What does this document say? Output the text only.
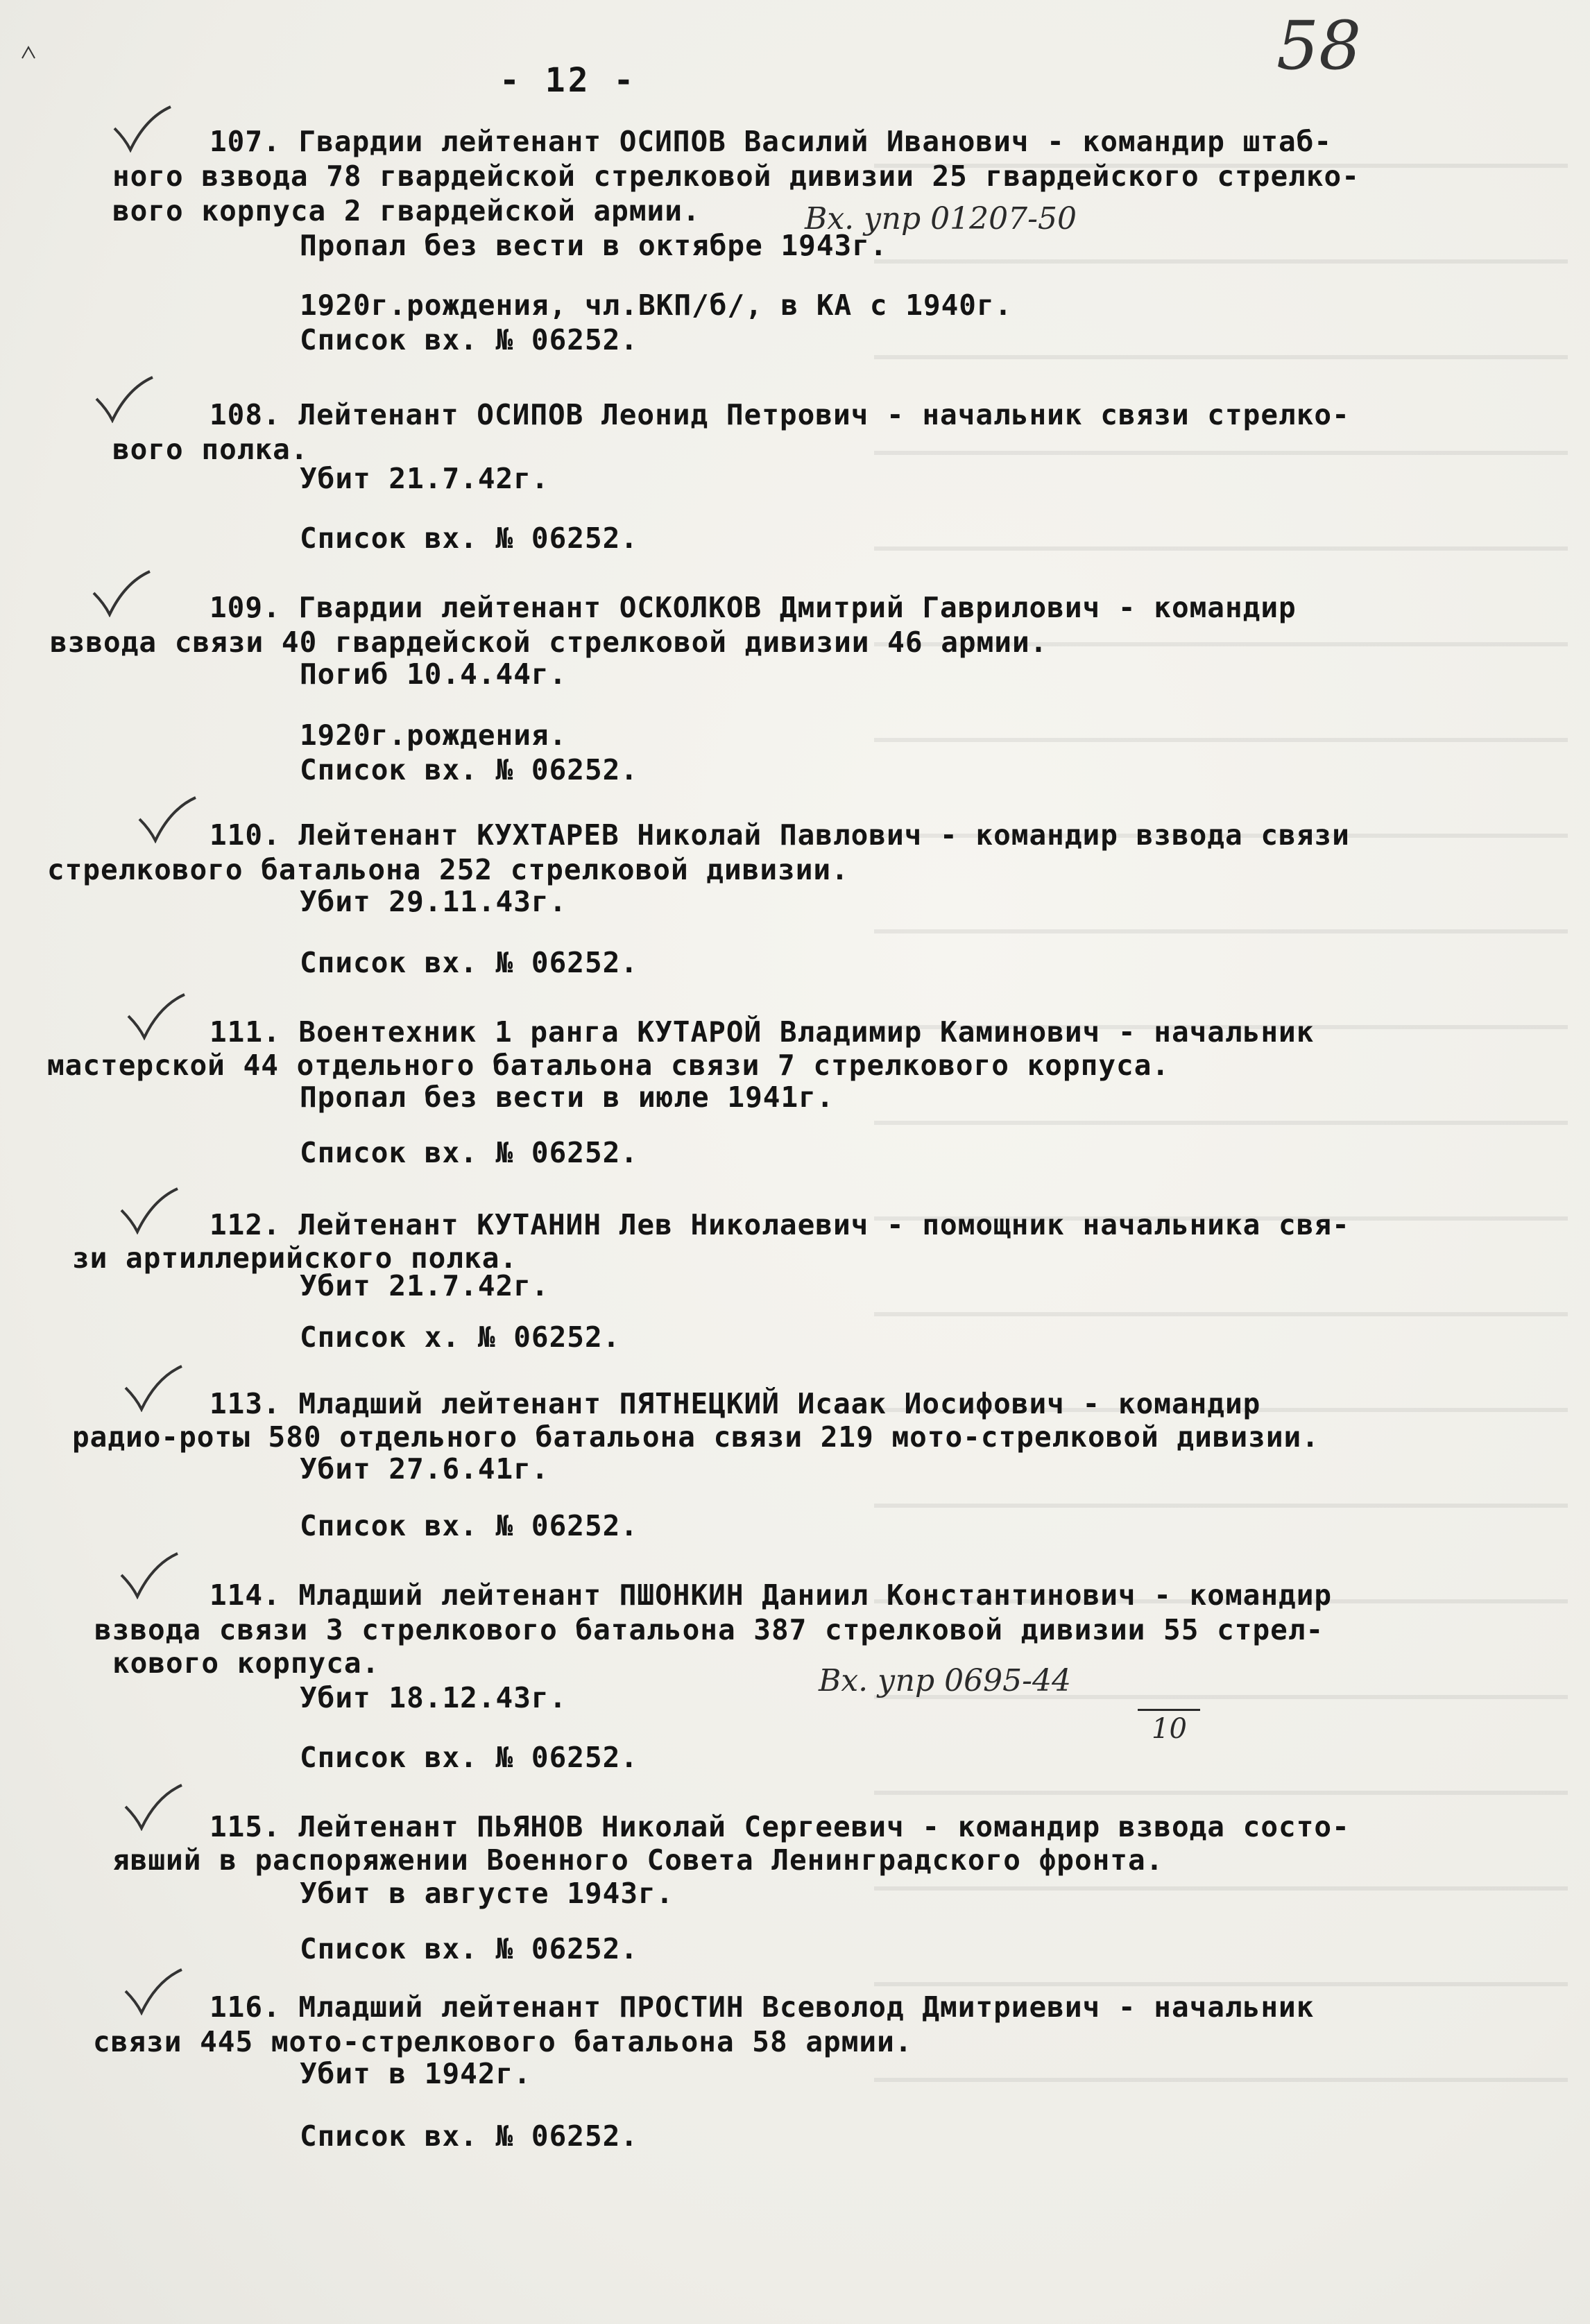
- 12 -	58
107. Гвардии лейтенант ОСИПОВ Василий Иванович - командир штаб-
ного взвода 78 гвардейской стрелковой дивизии 25 гвардейского стрелко-
вого корпуса 2 гвардейской армии.
Пропал без вести в октябре 1943г.
1920г.рождения, чл.ВКП/б/, в КА с 1940г.
Список вх. № 06252.
Вх. упр 01207-50
108. Лейтенант ОСИПОВ Леонид Петрович - начальник связи стрелко-
вого полка.
Убит 21.7.42г.
Список вх. № 06252.
109. Гвардии лейтенант ОСКОЛКОВ Дмитрий Гаврилович - командир
взвода связи 40 гвардейской стрелковой дивизии 46 армии.
Погиб 10.4.44г.
1920г.рождения.
Список вх. № 06252.
110. Лейтенант КУХТАРЕВ Николай Павлович - командир взвода связи
стрелкового батальона 252 стрелковой дивизии.
Убит 29.11.43г.
Список вх. № 06252.
111. Воентехник 1 ранга КУТАРОЙ Владимир Каминович - начальник
мастерской 44 отдельного батальона связи 7 стрелкового корпуса.
Пропал без вести в июле 1941г.
Список вх. № 06252.
112. Лейтенант КУТАНИН Лев Николаевич - помощник начальника свя-
зи артиллерийского полка.
Убит 21.7.42г.
Список х. № 06252.
113. Младший лейтенант ПЯТНЕЦКИЙ Исаак Иосифович - командир
радио-роты 580 отдельного батальона связи 219 мото-стрелковой дивизии.
Убит 27.6.41г.
Список вх. № 06252.
114. Младший лейтенант ПШОНКИН Даниил Константинович - командир
взвода связи 3 стрелкового батальона 387 стрелковой дивизии 55 стрел-
кового корпуса.
Убит 18.12.43г.
Список вх. № 06252.
Вх. упр 0695-44
10
115. Лейтенант ПЬЯНОВ Николай Сергеевич - командир взвода состо-
явший в распоряжении Военного Совета Ленинградского фронта.
Убит в августе 1943г.
Список вх. № 06252.
116. Младший лейтенант ПРОСТИН Всеволод Дмитриевич - начальник
связи 445 мото-стрелкового батальона 58 армии.
Убит в 1942г.
Список вх. № 06252.
